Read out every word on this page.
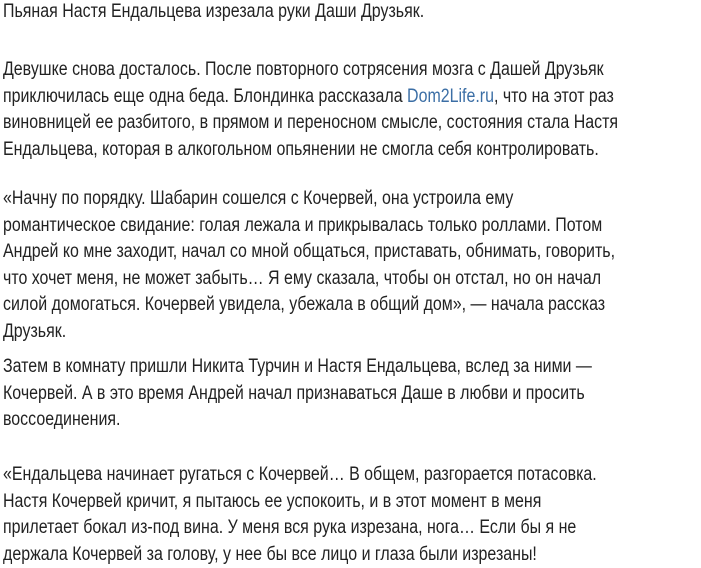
Пьяная Настя Ендальцева изрезала руки Даши Друзьяк.
Девушке снова досталось. После повторного сотрясения мозга с Дашей Друзьяк
приключилась еще одна беда. Блондинка рассказала Dom2Life.ru, что на этот раз
виновницей ее разбитого, в прямом и переносном смысле, состояния стала Настя
Ендальцева, которая в алкогольном опьянении не смогла себя контролировать.
«Начну по порядку. Шабарин сошелся с Кочервей, она устроила ему
романтическое свидание: голая лежала и прикрывалась только роллами. Потом
Андрей ко мне заходит, начал со мной общаться, приставать, обнимать, говорить,
что хочет меня, не может забыть… Я ему сказала, чтобы он отстал, но он начал
силой домогаться. Кочервей увидела, убежала в общий дом», — начала рассказ
Друзьяк.
Затем в комнату пришли Никита Турчин и Настя Ендальцева, вслед за ними —
Кочервей. А в это время Андрей начал признаваться Даше в любви и просить
воссоединения.
«Ендальцева начинает ругаться с Кочервей… В общем, разгорается потасовка.
Настя Кочервей кричит, я пытаюсь ее успокоить, и в этот момент в меня
прилетает бокал из-под вина. У меня вся рука изрезана, нога… Если бы я не
держала Кочервей за голову, у нее бы все лицо и глаза были изрезаны!
